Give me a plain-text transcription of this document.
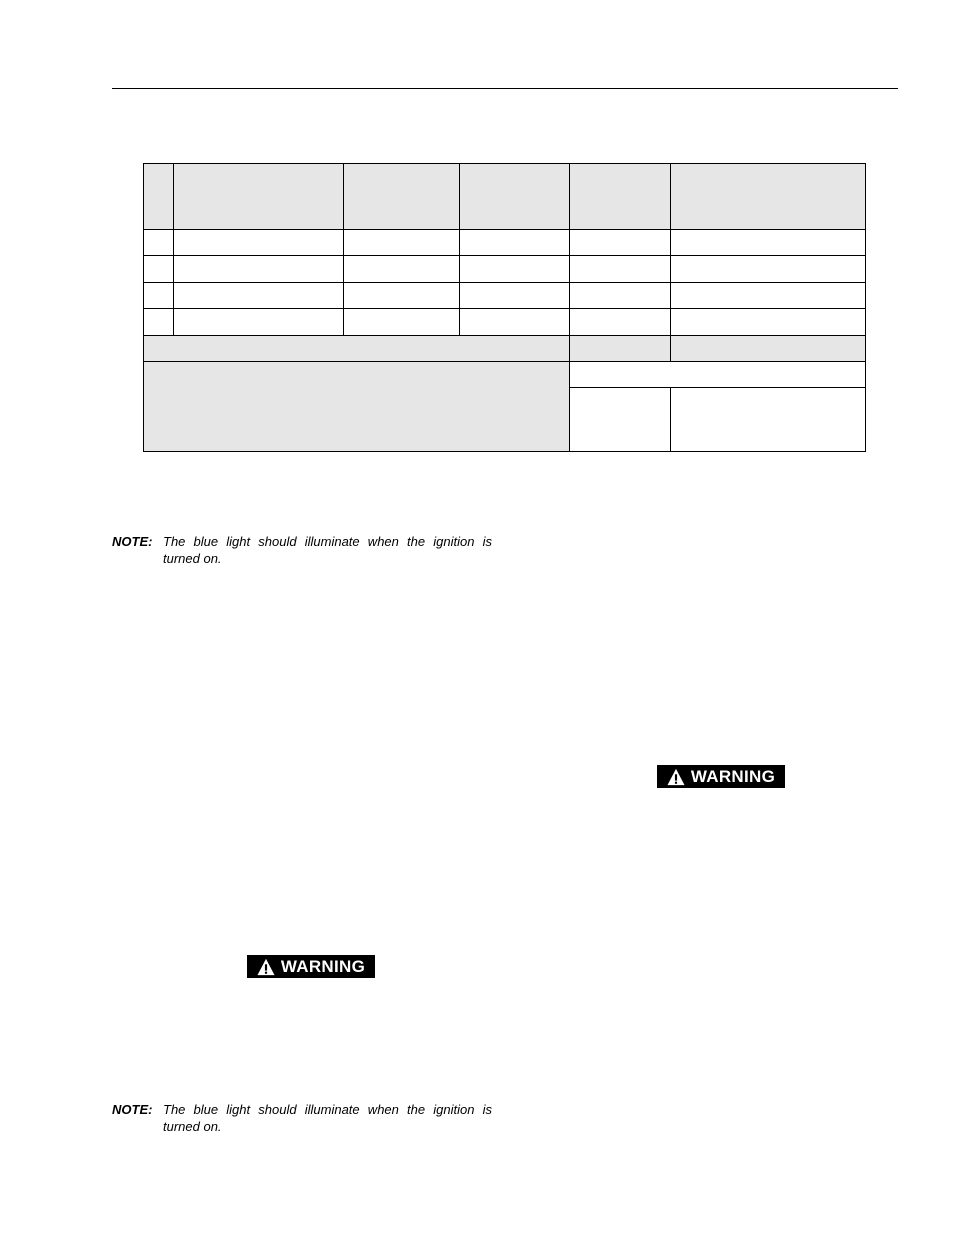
NOTE: The blue light should illuminate when the ignition is turned on.
WARNING
WARNING
NOTE: The blue light should illuminate when the ignition is turned on.
